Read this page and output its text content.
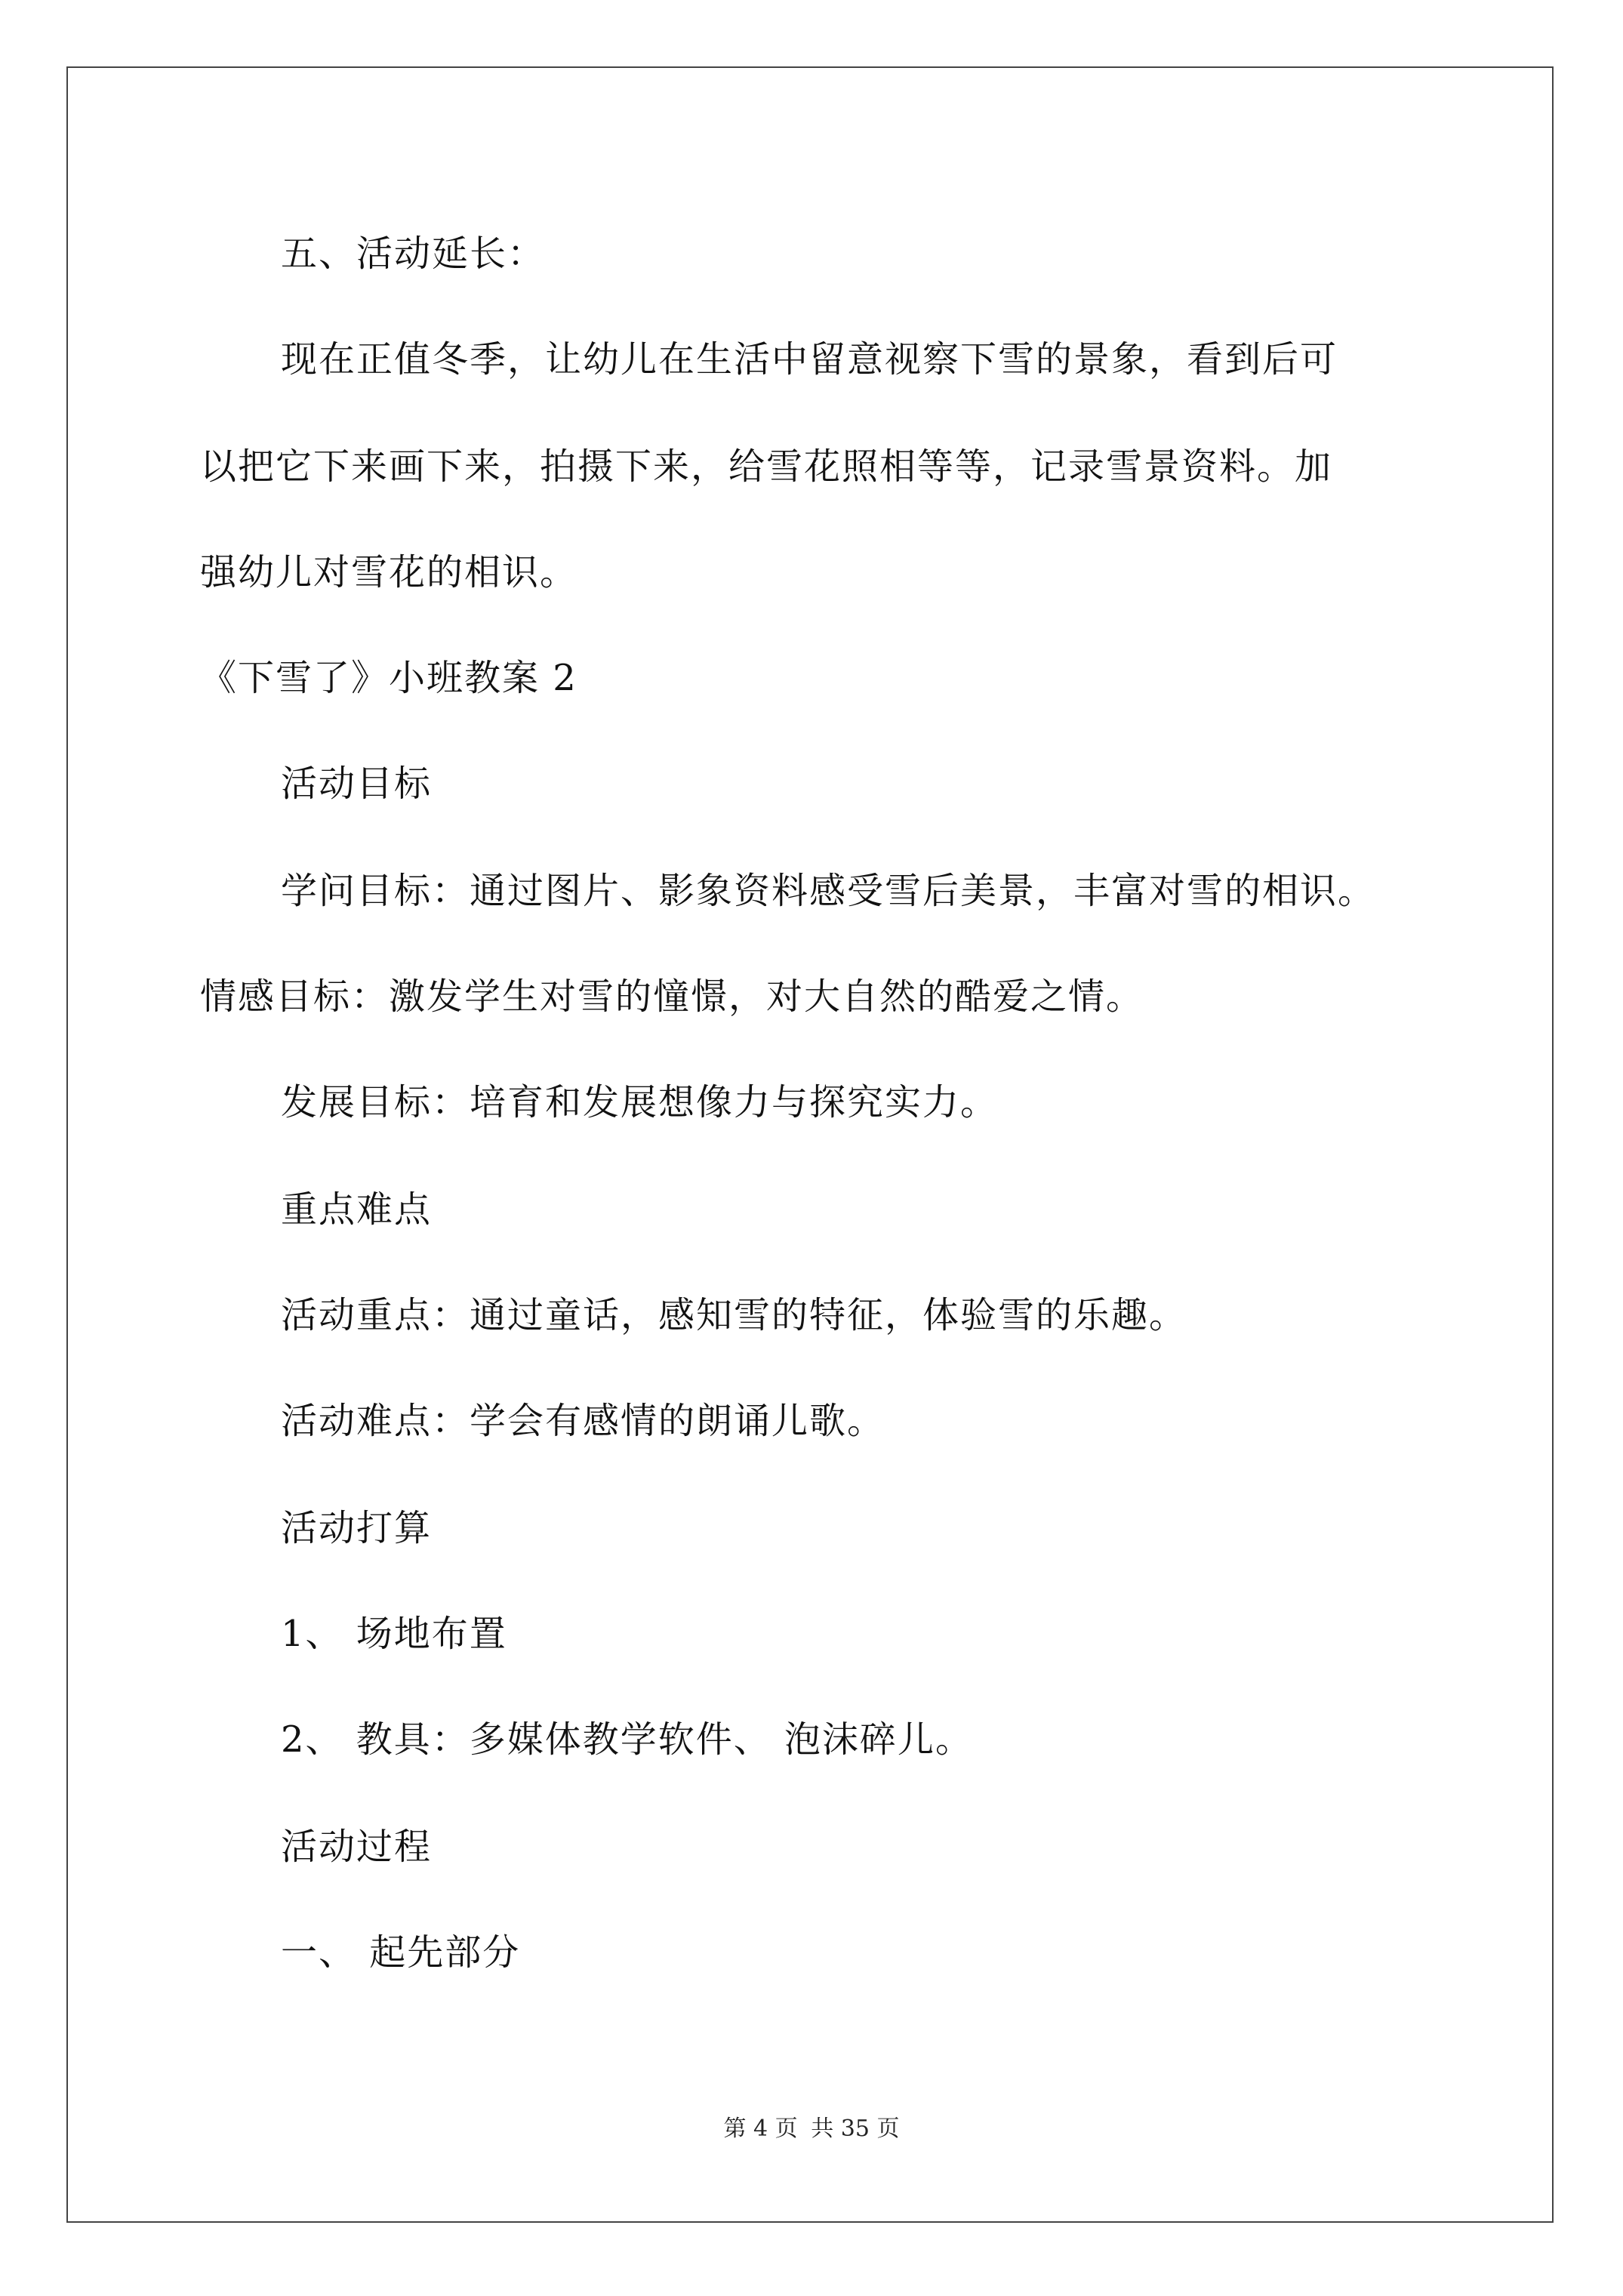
五、活动延长：
现在正值冬季，让幼儿在生活中留意视察下雪的景象，看到后可
以把它下来画下来，拍摄下来，给雪花照相等等，记录雪景资料。加
强幼儿对雪花的相识。
《下雪了》小班教案 2
活动目标
学问目标：通过图片、影象资料感受雪后美景，丰富对雪的相识。
情感目标：激发学生对雪的憧憬，对大自然的酷爱之情。
发展目标：培育和发展想像力与探究实力。
重点难点
活动重点：通过童话，感知雪的特征，体验雪的乐趣。
活动难点：学会有感情的朗诵儿歌。
活动打算
1、 场地布置
2、 教具：多媒体教学软件、 泡沫碎儿。
活动过程
一、 起先部分
第 4 页 共 35 页
